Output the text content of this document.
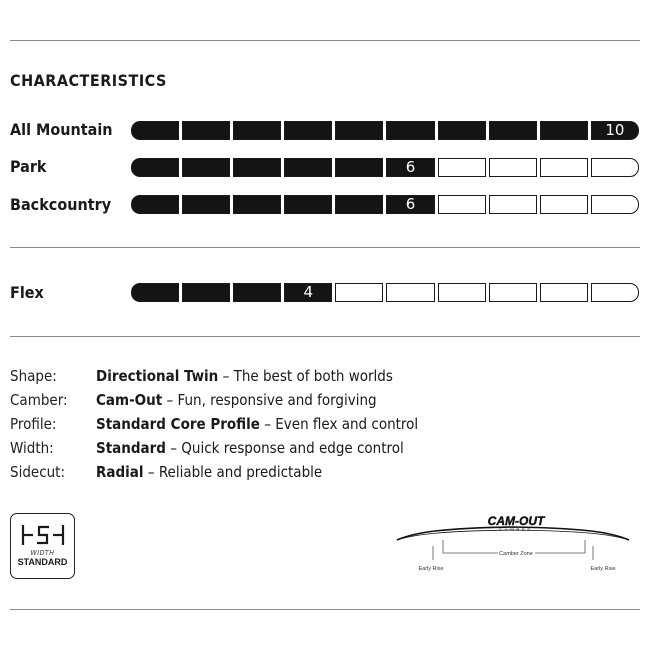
CHARACTERISTICS
All Mountain	10
Park	6
Backcountry	6
Flex	4
Shape:	Directional Twin – The best of both worlds
Camber:	Cam-Out – Fun, responsive and forgiving
Profile:	Standard Core Profile – Even flex and control
Width:	Standard – Quick response and edge control
Sidecut:	Radial – Reliable and predictable
WIDTH
STANDARD
CAM-OUT
CAMBER
Camber Zone
Early Rise	Early Rise
